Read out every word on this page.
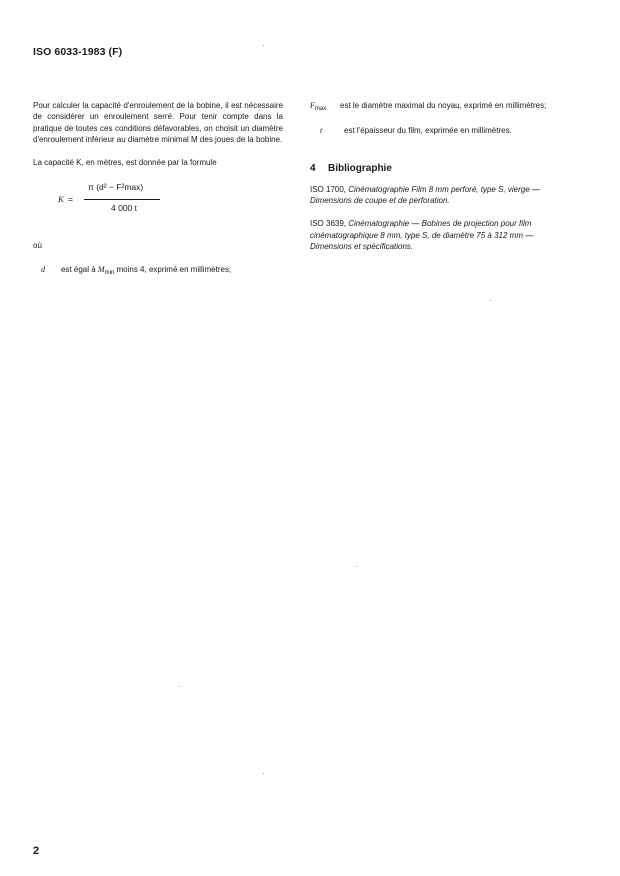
ISO 6033-1983 (F)

Pour calculer la capacité d'enroulement de la bobine, il est nécessaire de considérer un enroulement serré. Pour tenir compte dans la pratique de toutes ces conditions défavorables, on choisit un diamètre d'enroulement inférieur au diamètre minimal M des joues de la bobine.

La capacité K, en mètres, est donnée par la formule

K =
π (d² − F²max)
4 000 t

où

d	est égal à $M_{min}$ moins 4, exprimé en millimètres;
$F_{max}$	est le diamètre maximal du noyau, exprimé en millimètres;
t	est l'épaisseur du film, exprimée en millimètres.
4 Bibliographie

ISO 1700, Cinématographie Film 8 mm perforé, type S, vierge — Dimensions de coupe et de perforation.

ISO 3639, Cinématographie — Bobines de projection pour film cinématographique 8 mm, type S, de diamètre 75 à 312 mm — Dimensions et spécifications.

2
